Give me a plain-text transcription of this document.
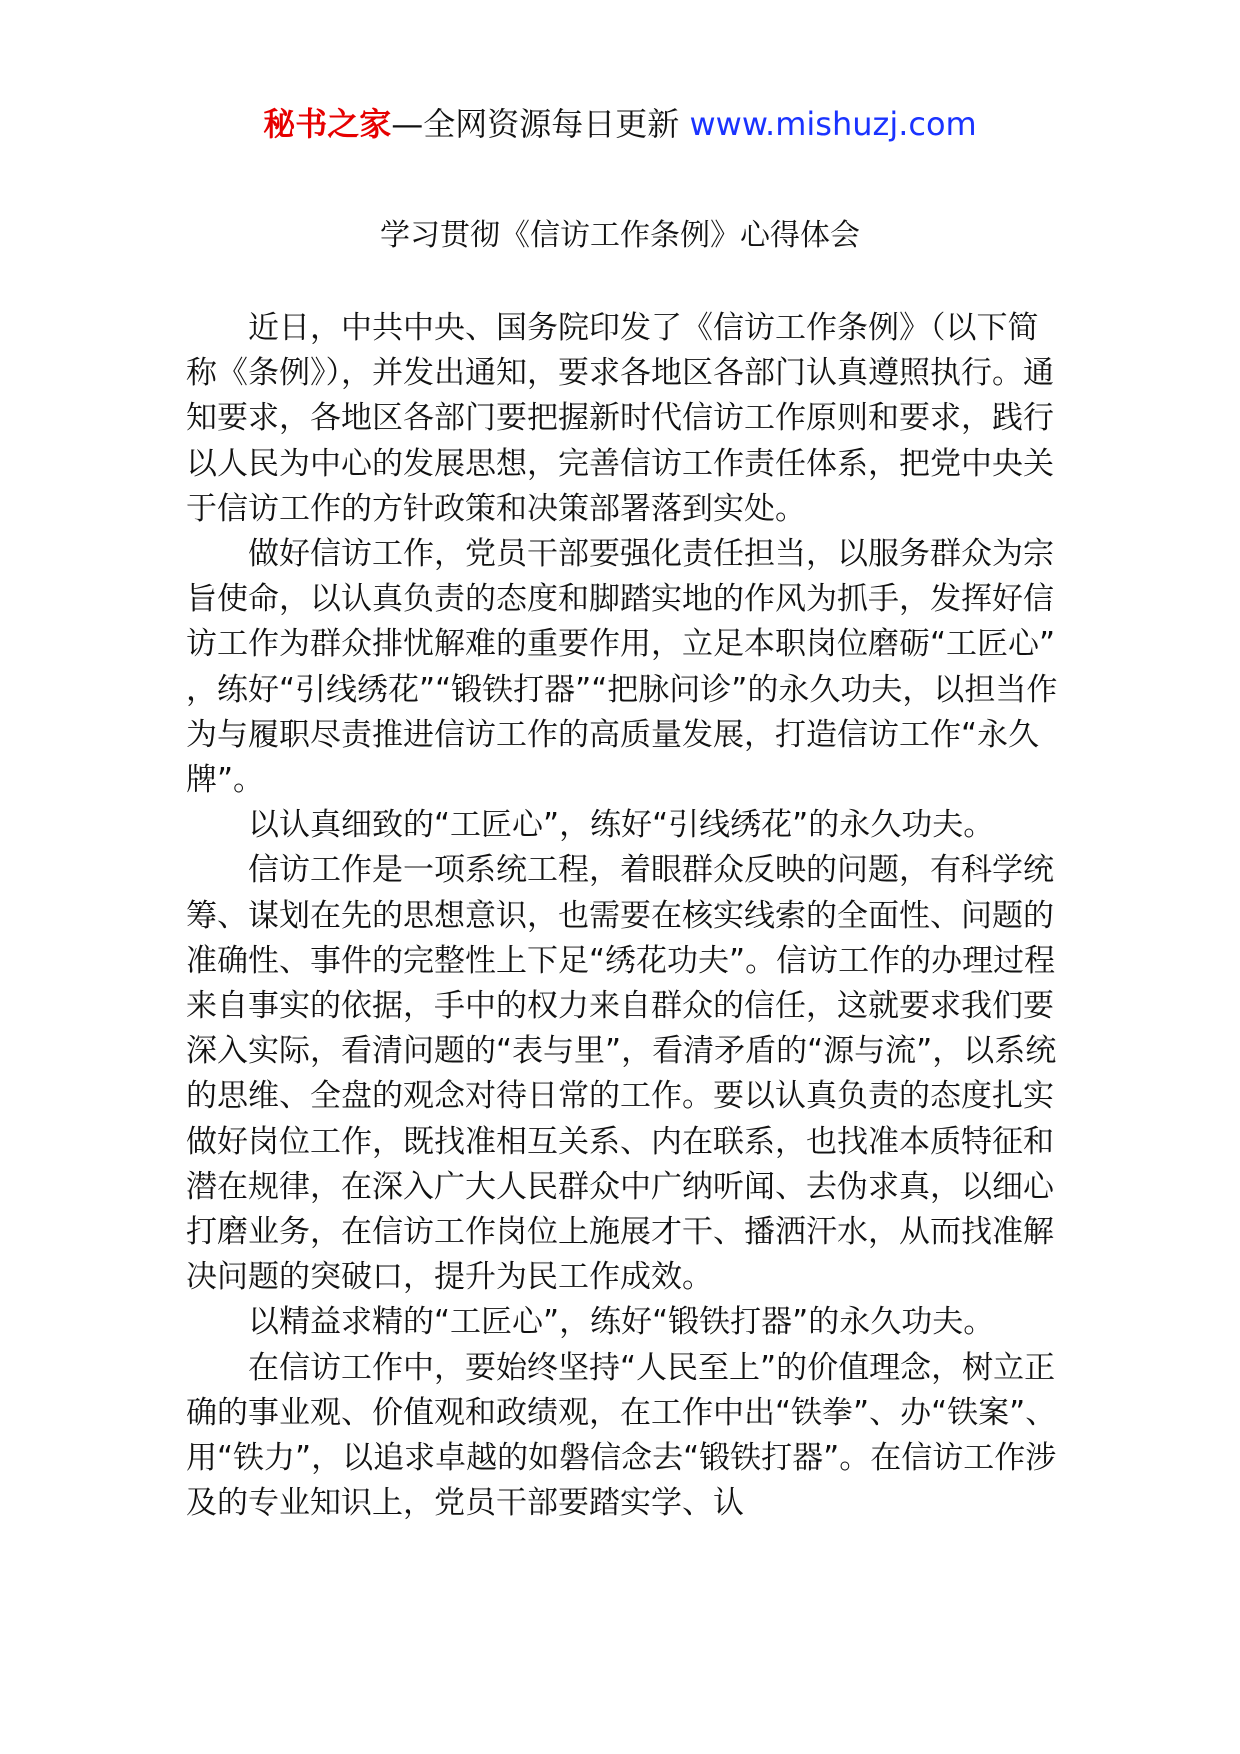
秘书之家—全网资源每日更新 www.mishuzj.com
学习贯彻《信访工作条例》心得体会

近日，中共中央、国务院印发了《信访工作条例》（以下简称《条例》），并发出通知，要求各地区各部门认真遵照执行。通知要求，各地区各部门要把握新时代信访工作原则和要求，践行以人民为中心的发展思想，完善信访工作责任体系，把党中央关于信访工作的方针政策和决策部署落到实处。

做好信访工作，党员干部要强化责任担当，以服务群众为宗旨使命，以认真负责的态度和脚踏实地的作风为抓手，发挥好信访工作为群众排忧解难的重要作用，立足本职岗位磨砺“工匠心”，练好“引线绣花”“锻铁打器”“把脉问诊”的永久功夫，以担当作为与履职尽责推进信访工作的高质量发展，打造信访工作“永久牌”。

以认真细致的“工匠心”，练好“引线绣花”的永久功夫。

信访工作是一项系统工程，着眼群众反映的问题，有科学统筹、谋划在先的思想意识，也需要在核实线索的全面性、问题的准确性、事件的完整性上下足“绣花功夫”。信访工作的办理过程来自事实的依据，手中的权力来自群众的信任，这就要求我们要深入实际，看清问题的“表与里”，看清矛盾的“源与流”，以系统的思维、全盘的观念对待日常的工作。要以认真负责的态度扎实做好岗位工作，既找准相互关系、内在联系，也找准本质特征和潜在规律，在深入广大人民群众中广纳听闻、去伪求真，以细心打磨业务，在信访工作岗位上施展才干、播洒汗水，从而找准解决问题的突破口，提升为民工作成效。

以精益求精的“工匠心”，练好“锻铁打器”的永久功夫。

在信访工作中，要始终坚持“人民至上”的价值理念，树立正确的事业观、价值观和政绩观，在工作中出“铁拳”、办“铁案”、用“铁力”，以追求卓越的如磐信念去“锻铁打器”。在信访工作涉及的专业知识上，党员干部要踏实学、认
